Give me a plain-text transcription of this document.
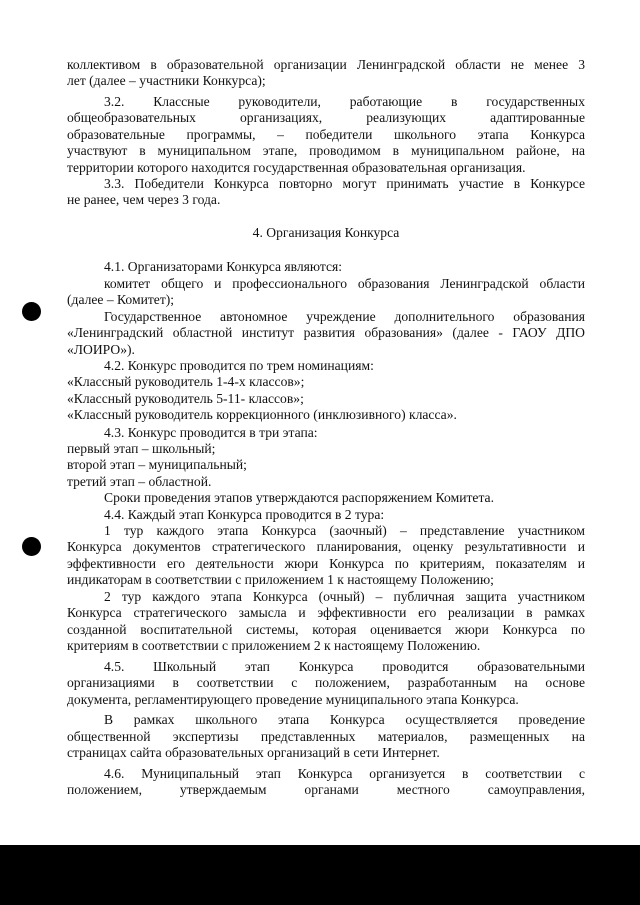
коллективом в образовательной организации Ленинградской области не менее 3
лет (далее – участники Конкурса);
3.2. Классные руководители, работающие в государственных
общеобразовательных организациях, реализующих адаптированные
образовательные программы, – победители школьного этапа Конкурса
участвуют в муниципальном этапе, проводимом в муниципальном районе, на
территории которого находится государственная образовательная организация.
3.3. Победители Конкурса повторно могут принимать участие в Конкурсе
не ранее, чем через 3 года.
4. Организация Конкурса
4.1. Организаторами Конкурса являются:
комитет общего и профессионального образования Ленинградской области
(далее – Комитет);
Государственное автономное учреждение дополнительного образования
«Ленинградский областной институт развития образования» (далее - ГАОУ ДПО
«ЛОИРО»).
4.2. Конкурс проводится по трем номинациям:
«Классный руководитель 1-4-х классов»;
«Классный руководитель 5-11- классов»;
«Классный руководитель коррекционного (инклюзивного) класса».
4.3. Конкурс проводится в три этапа:
первый этап – школьный;
второй этап – муниципальный;
третий этап – областной.
Сроки проведения этапов утверждаются распоряжением Комитета.
4.4. Каждый этап Конкурса проводится в 2 тура:
1 тур каждого этапа Конкурса (заочный) – представление участником
Конкурса документов стратегического планирования, оценку результативности и
эффективности его деятельности жюри Конкурса по критериям, показателям и
индикаторам в соответствии с приложением 1 к настоящему Положению;
2 тур каждого этапа Конкурса (очный) – публичная защита участником
Конкурса стратегического замысла и эффективности его реализации в рамках
созданной воспитательной системы, которая оценивается жюри Конкурса по
критериям в соответствии с приложением 2 к настоящему Положению.
4.5. Школьный этап Конкурса проводится образовательными
организациями в соответствии с положением, разработанным на основе
документа, регламентирующего проведение муниципального этапа Конкурса.
В рамках школьного этапа Конкурса осуществляется проведение
общественной экспертизы представленных материалов, размещенных на
страницах сайта образовательных организаций в сети Интернет.
4.6. Муниципальный этап Конкурса организуется в соответствии с
положением, утверждаемым органами местного самоуправления,
